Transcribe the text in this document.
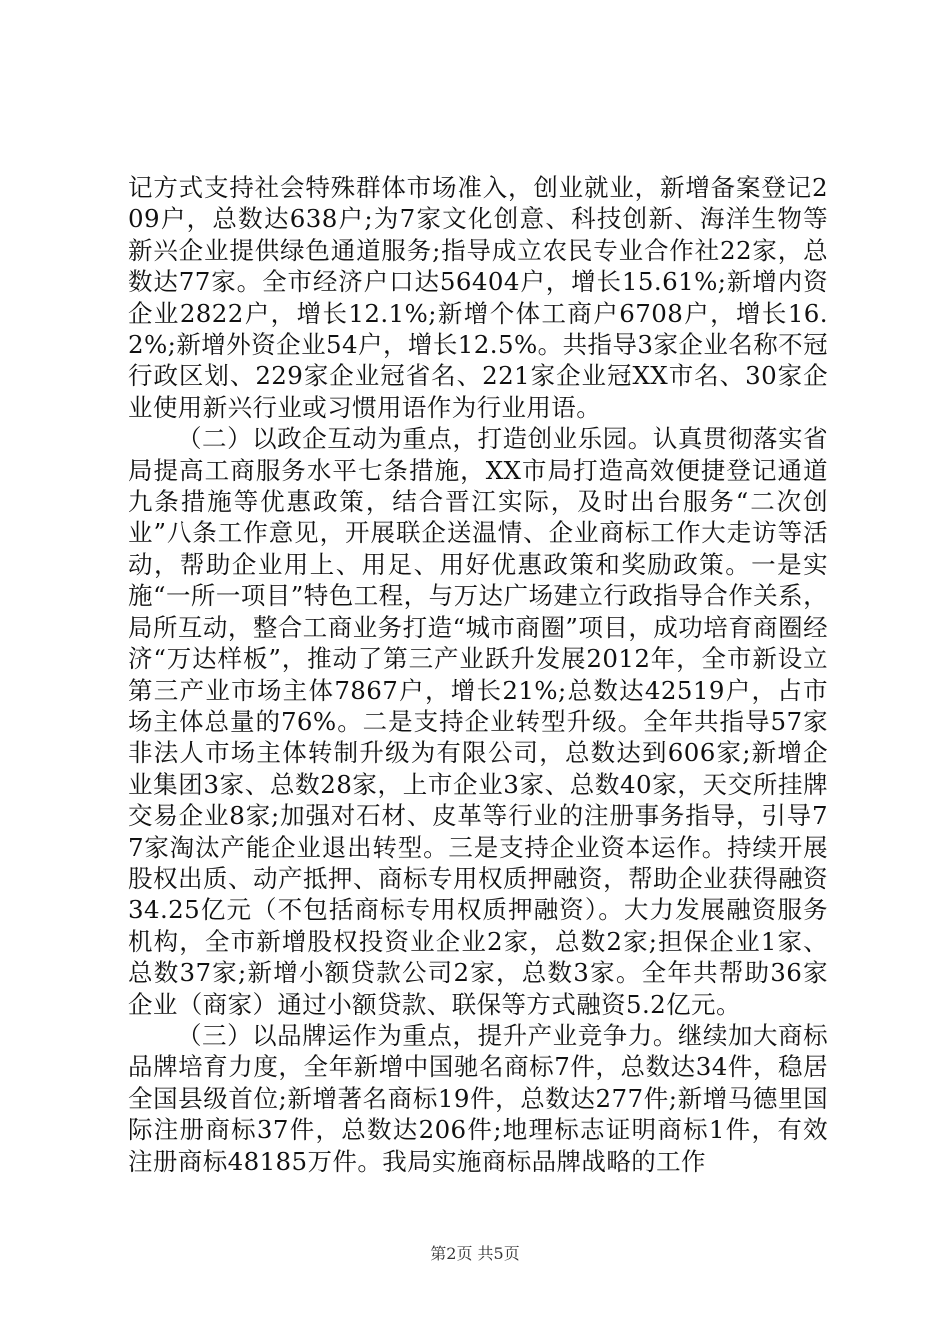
记方式支持社会特殊群体市场准入，创业就业，新增备案登记209户，总数达638户;为7家文化创意、科技创新、海洋生物等新兴企业提供绿色通道服务;指导成立农民专业合作社22家，总数达77家。全市经济户口达56404户，增长15.61%;新增内资企业2822户，增长12.1%;新增个体工商户6708户，增长16.2%;新增外资企业54户，增长12.5%。共指导3家企业名称不冠行政区划、229家企业冠省名、221家企业冠XX市名、30家企业使用新兴行业或习惯用语作为行业用语。

（二）以政企互动为重点，打造创业乐园。认真贯彻落实省局提高工商服务水平七条措施，XX市局打造高效便捷登记通道九条措施等优惠政策，结合晋江实际，及时出台服务“二次创业”八条工作意见，开展联企送温情、企业商标工作大走访等活动，帮助企业用上、用足、用好优惠政策和奖励政策。一是实施“一所一项目”特色工程，与万达广场建立行政指导合作关系，局所互动，整合工商业务打造“城市商圈”项目，成功培育商圈经济“万达样板”，推动了第三产业跃升发展2012年，全市新设立第三产业市场主体7867户，增长21%;总数达42519户，占市场主体总量的76%。二是支持企业转型升级。全年共指导57家非法人市场主体转制升级为有限公司，总数达到606家;新增企业集团3家、总数28家，上市企业3家、总数40家，天交所挂牌交易企业8家;加强对石材、皮革等行业的注册事务指导，引导77家淘汰产能企业退出转型。三是支持企业资本运作。持续开展股权出质、动产抵押、商标专用权质押融资，帮助企业获得融资34.25亿元（不包括商标专用权质押融资）。大力发展融资服务机构，全市新增股权投资业企业2家，总数2家;担保企业1家、总数37家;新增小额贷款公司2家，总数3家。全年共帮助36家企业（商家）通过小额贷款、联保等方式融资5.2亿元。

（三）以品牌运作为重点，提升产业竞争力。继续加大商标品牌培育力度，全年新增中国驰名商标7件，总数达34件，稳居全国县级首位;新增著名商标19件，总数达277件;新增马德里国际注册商标37件，总数达206件;地理标志证明商标1件，有效注册商标48185万件。我局实施商标品牌战略的工作

第2页 共5页
